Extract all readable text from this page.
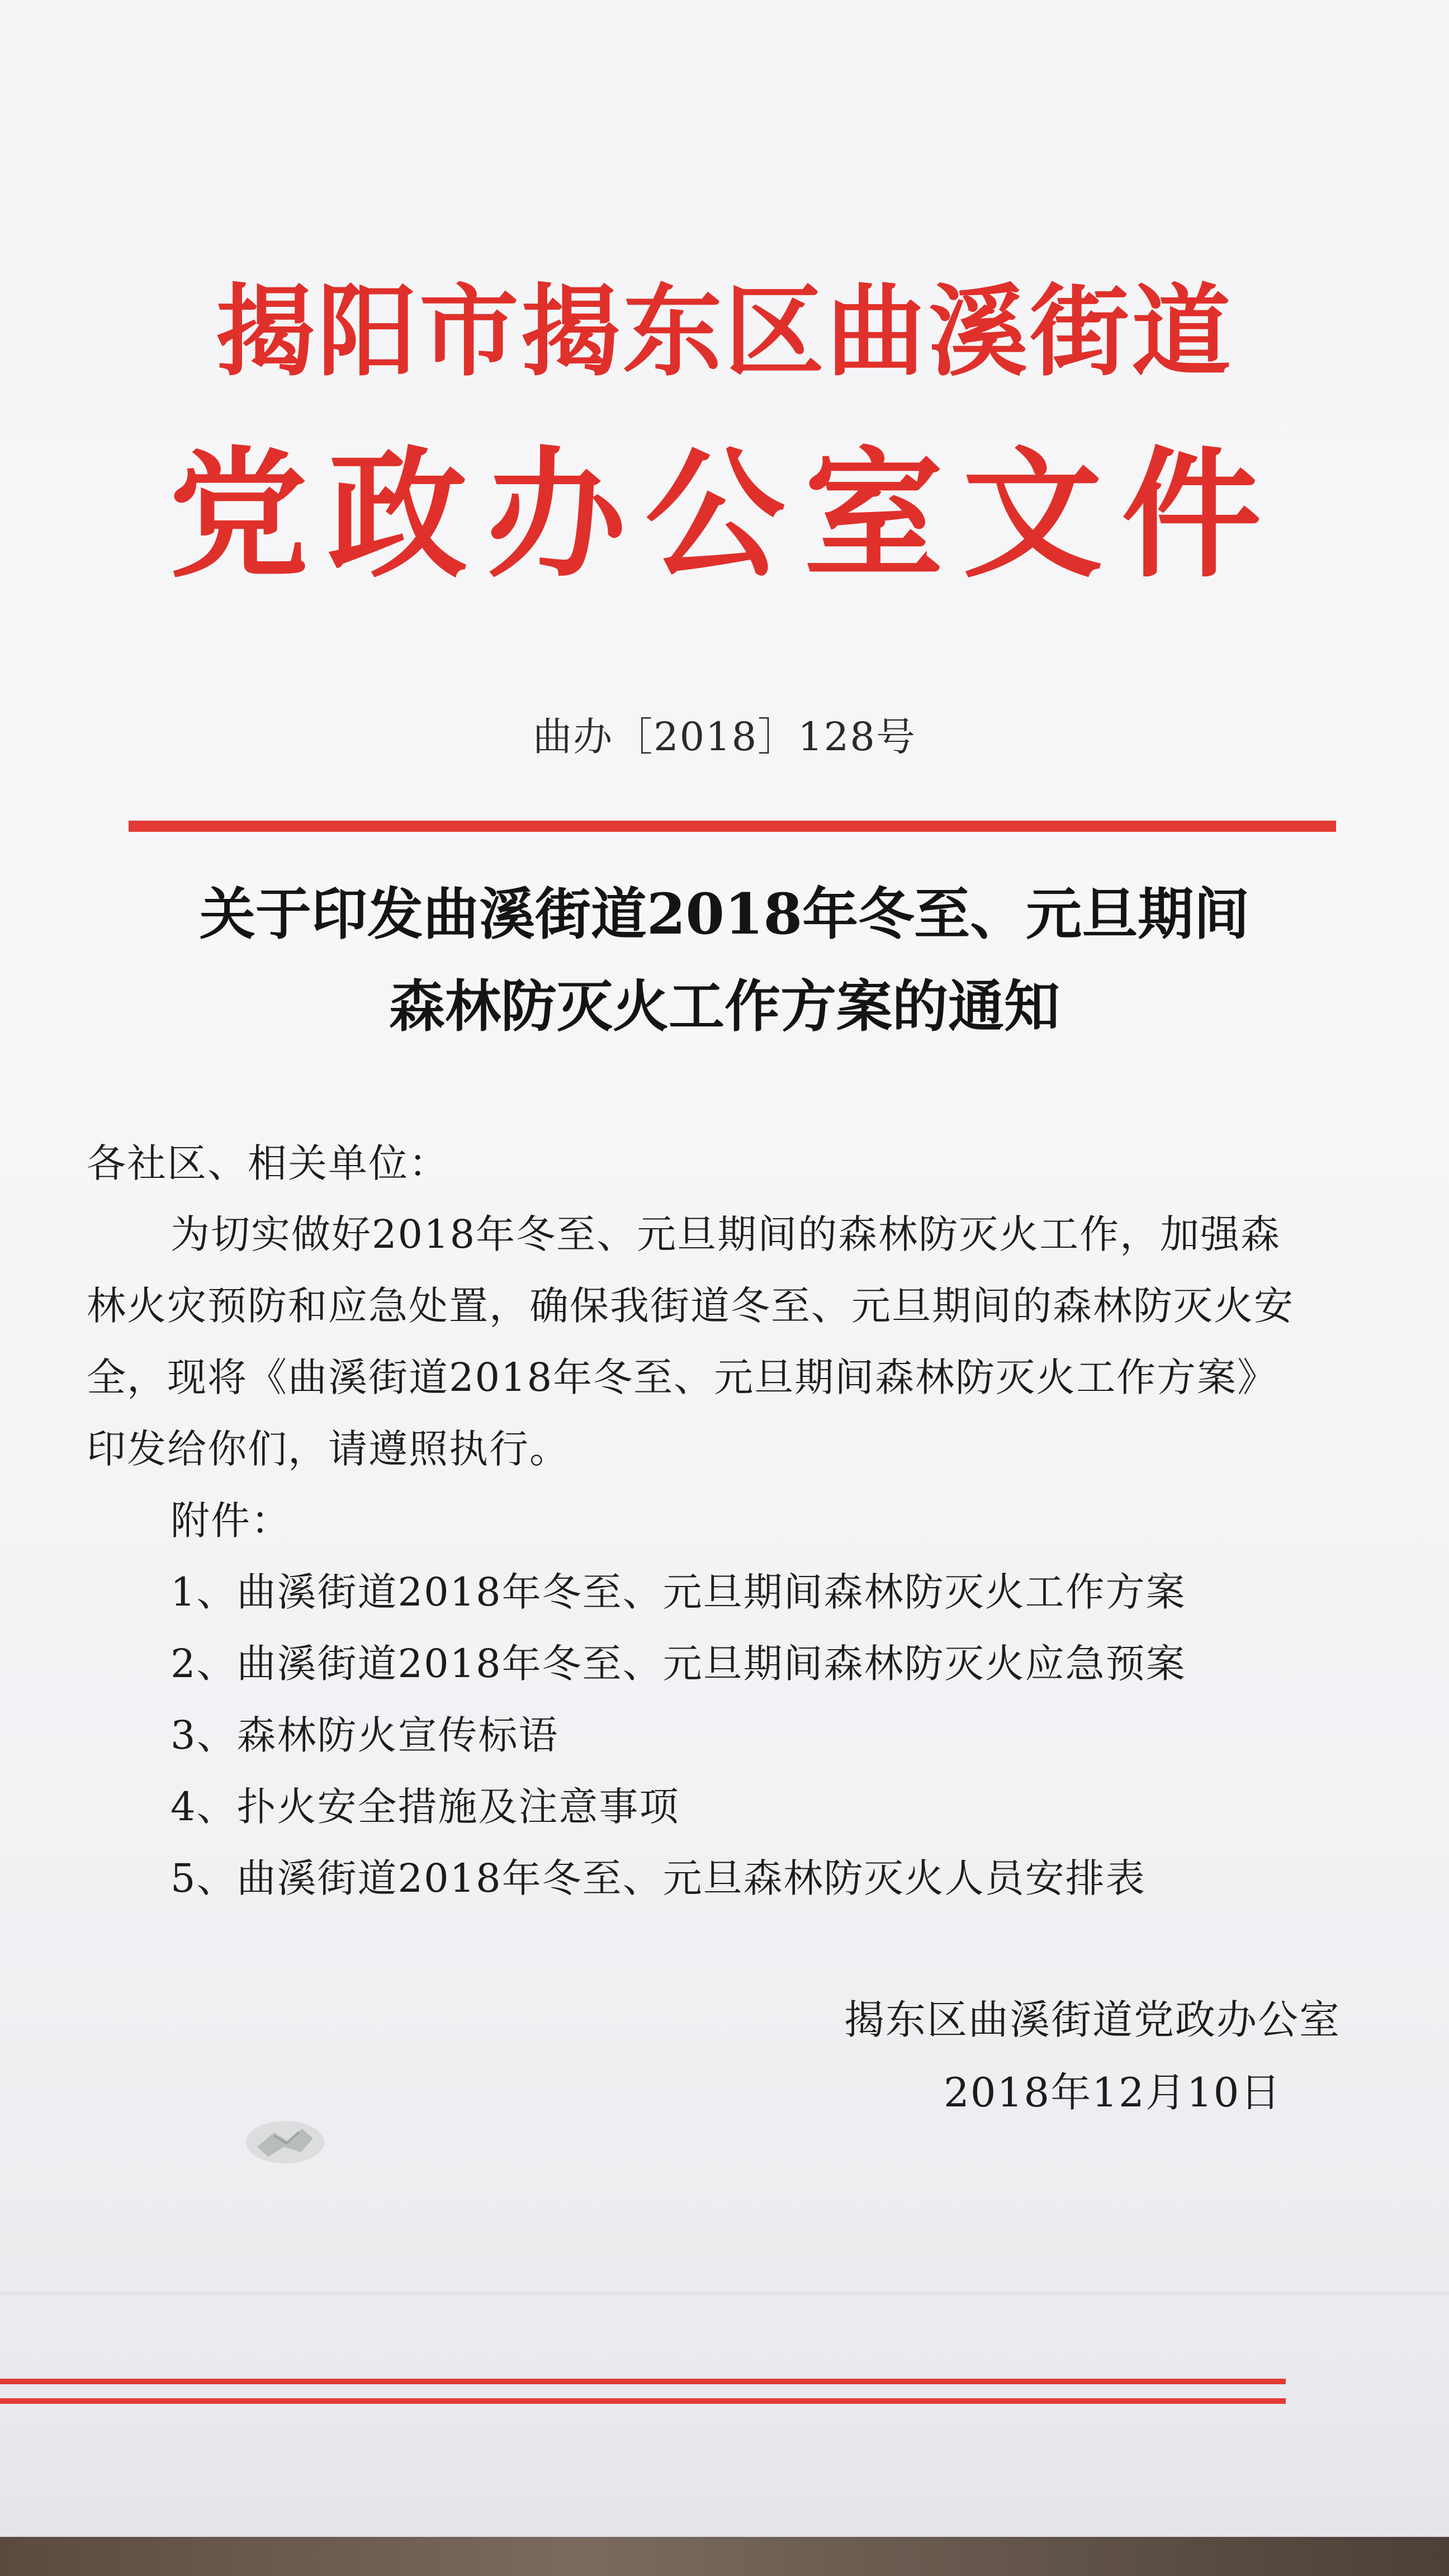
揭阳市揭东区曲溪街道
党政办公室文件
曲办［2018］128号
关于印发曲溪街道2018年冬至、元旦期间
森林防灭火工作方案的通知
各社区、相关单位：
为切实做好2018年冬至、元旦期间的森林防灭火工作，加强森
林火灾预防和应急处置，确保我街道冬至、元旦期间的森林防灭火安
全，现将《曲溪街道2018年冬至、元旦期间森林防灭火工作方案》
印发给你们，请遵照执行。
附件：
1、曲溪街道2018年冬至、元旦期间森林防灭火工作方案
2、曲溪街道2018年冬至、元旦期间森林防灭火应急预案
3、森林防火宣传标语
4、扑火安全措施及注意事项
5、曲溪街道2018年冬至、元旦森林防灭火人员安排表
揭东区曲溪街道党政办公室
2018年12月10日
